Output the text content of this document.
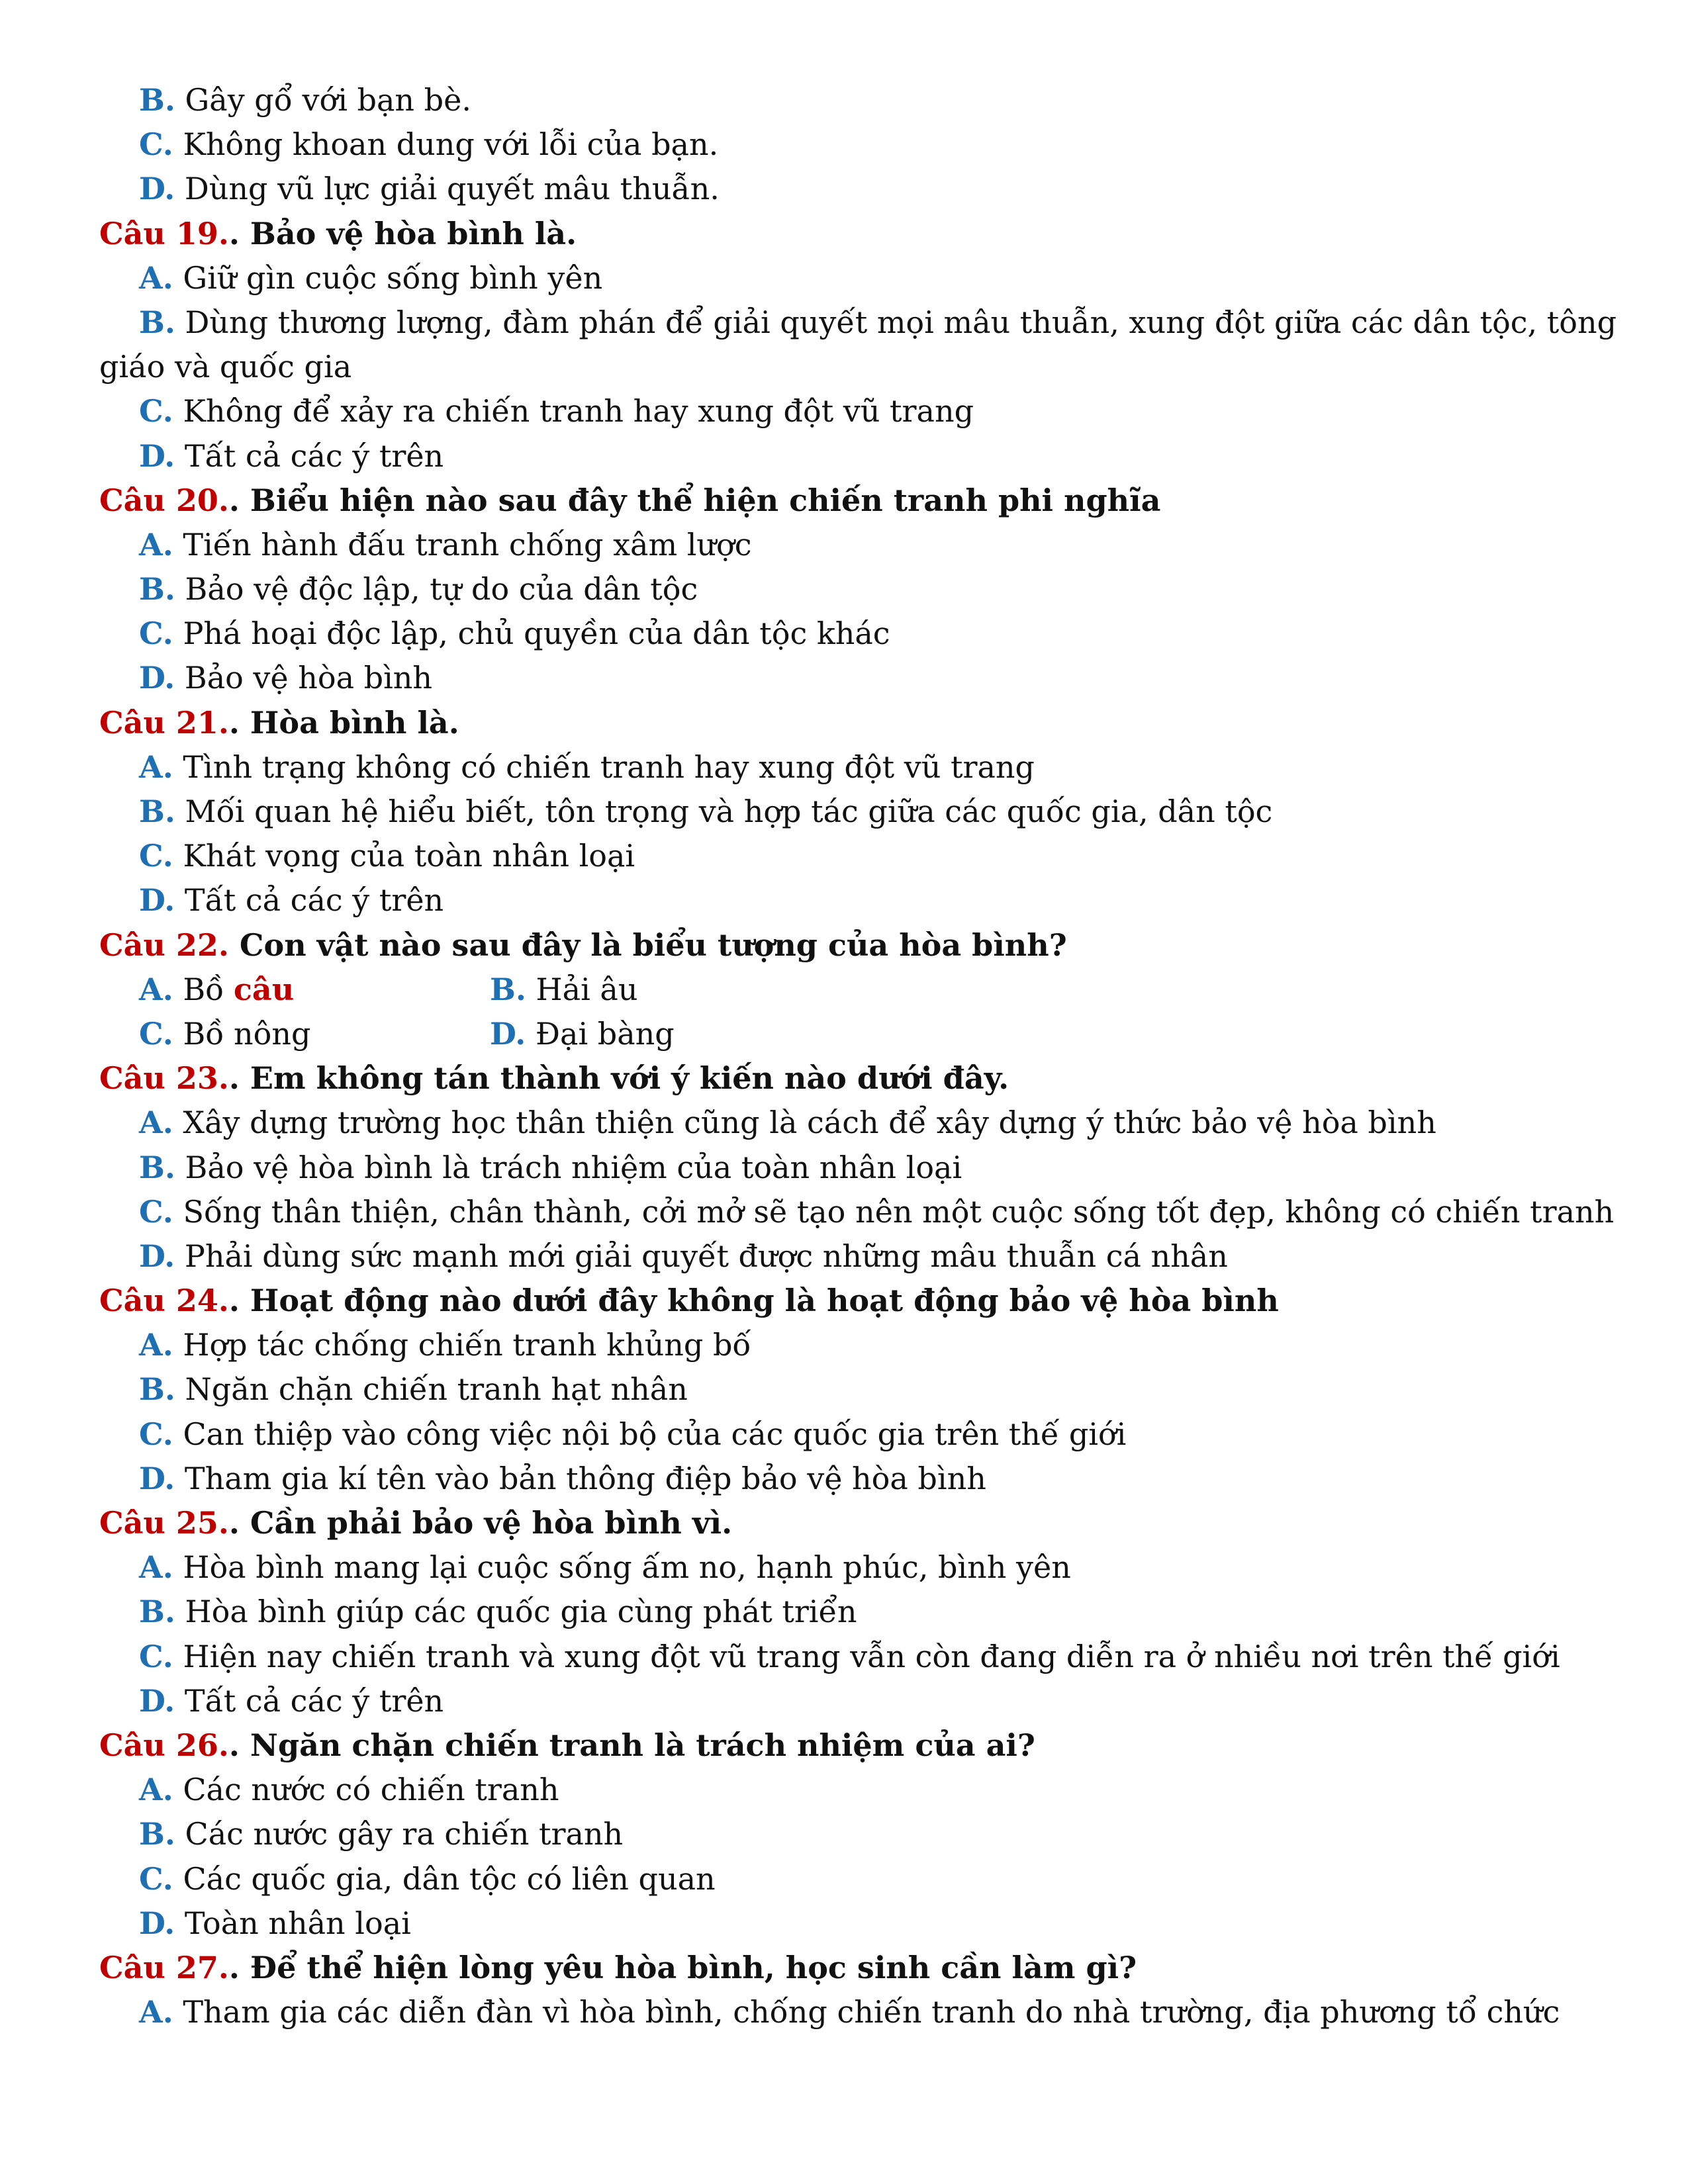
B. Gây gổ với bạn bè.
C. Không khoan dung với lỗi của bạn.
D. Dùng vũ lực giải quyết mâu thuẫn.
Câu 19.. Bảo vệ hòa bình là.
A. Giữ gìn cuộc sống bình yên
B. Dùng thương lượng, đàm phán để giải quyết mọi mâu thuẫn, xung đột giữa các dân tộc, tông
giáo và quốc gia
C. Không để xảy ra chiến tranh hay xung đột vũ trang
D. Tất cả các ý trên
Câu 20.. Biểu hiện nào sau đây thể hiện chiến tranh phi nghĩa
A. Tiến hành đấu tranh chống xâm lược
B. Bảo vệ độc lập, tự do của dân tộc
C. Phá hoại độc lập, chủ quyền của dân tộc khác
D. Bảo vệ hòa bình
Câu 21.. Hòa bình là.
A. Tình trạng không có chiến tranh hay xung đột vũ trang
B. Mối quan hệ hiểu biết, tôn trọng và hợp tác giữa các quốc gia, dân tộc
C. Khát vọng của toàn nhân loại
D. Tất cả các ý trên
Câu 22. Con vật nào sau đây là biểu tượng của hòa bình?
A. Bồ câu	B. Hải âu
C. Bồ nông	D. Đại bàng
Câu 23.. Em không tán thành với ý kiến nào dưới đây.
A. Xây dựng trường học thân thiện cũng là cách để xây dựng ý thức bảo vệ hòa bình
B. Bảo vệ hòa bình là trách nhiệm của toàn nhân loại
C. Sống thân thiện, chân thành, cởi mở sẽ tạo nên một cuộc sống tốt đẹp, không có chiến tranh
D. Phải dùng sức mạnh mới giải quyết được những mâu thuẫn cá nhân
Câu 24.. Hoạt động nào dưới đây không là hoạt động bảo vệ hòa bình
A. Hợp tác chống chiến tranh khủng bố
B. Ngăn chặn chiến tranh hạt nhân
C. Can thiệp vào công việc nội bộ của các quốc gia trên thế giới
D. Tham gia kí tên vào bản thông điệp bảo vệ hòa bình
Câu 25.. Cần phải bảo vệ hòa bình vì.
A. Hòa bình mang lại cuộc sống ấm no, hạnh phúc, bình yên
B. Hòa bình giúp các quốc gia cùng phát triển
C. Hiện nay chiến tranh và xung đột vũ trang vẫn còn đang diễn ra ở nhiều nơi trên thế giới
D. Tất cả các ý trên
Câu 26.. Ngăn chặn chiến tranh là trách nhiệm của ai?
A. Các nước có chiến tranh
B. Các nước gây ra chiến tranh
C. Các quốc gia, dân tộc có liên quan
D. Toàn nhân loại
Câu 27.. Để thể hiện lòng yêu hòa bình, học sinh cần làm gì?
A. Tham gia các diễn đàn vì hòa bình, chống chiến tranh do nhà trường, địa phương tổ chức
